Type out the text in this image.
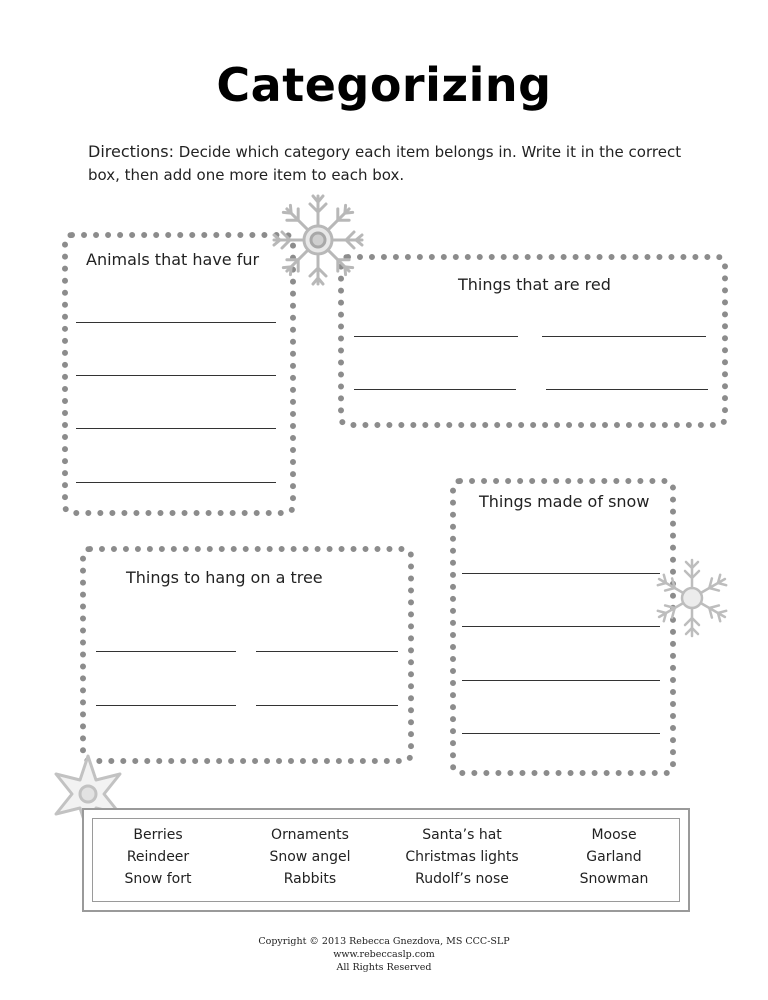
Categorizing
Directions: Decide which category each item belongs in. Write it in the correct box, then add one more item to each box.
Animals that have fur
Things that are red
Things made of snow
Things to hang on a tree
Berries	Ornaments	Santa’s hat	Moose
Reindeer	Snow angel	Christmas lights	Garland
Snow fort	Rabbits	Rudolf’s nose	Snowman
Copyright © 2013 Rebecca Gnezdova, MS CCC-SLP
www.rebeccaslp.com
All Rights Reserved
